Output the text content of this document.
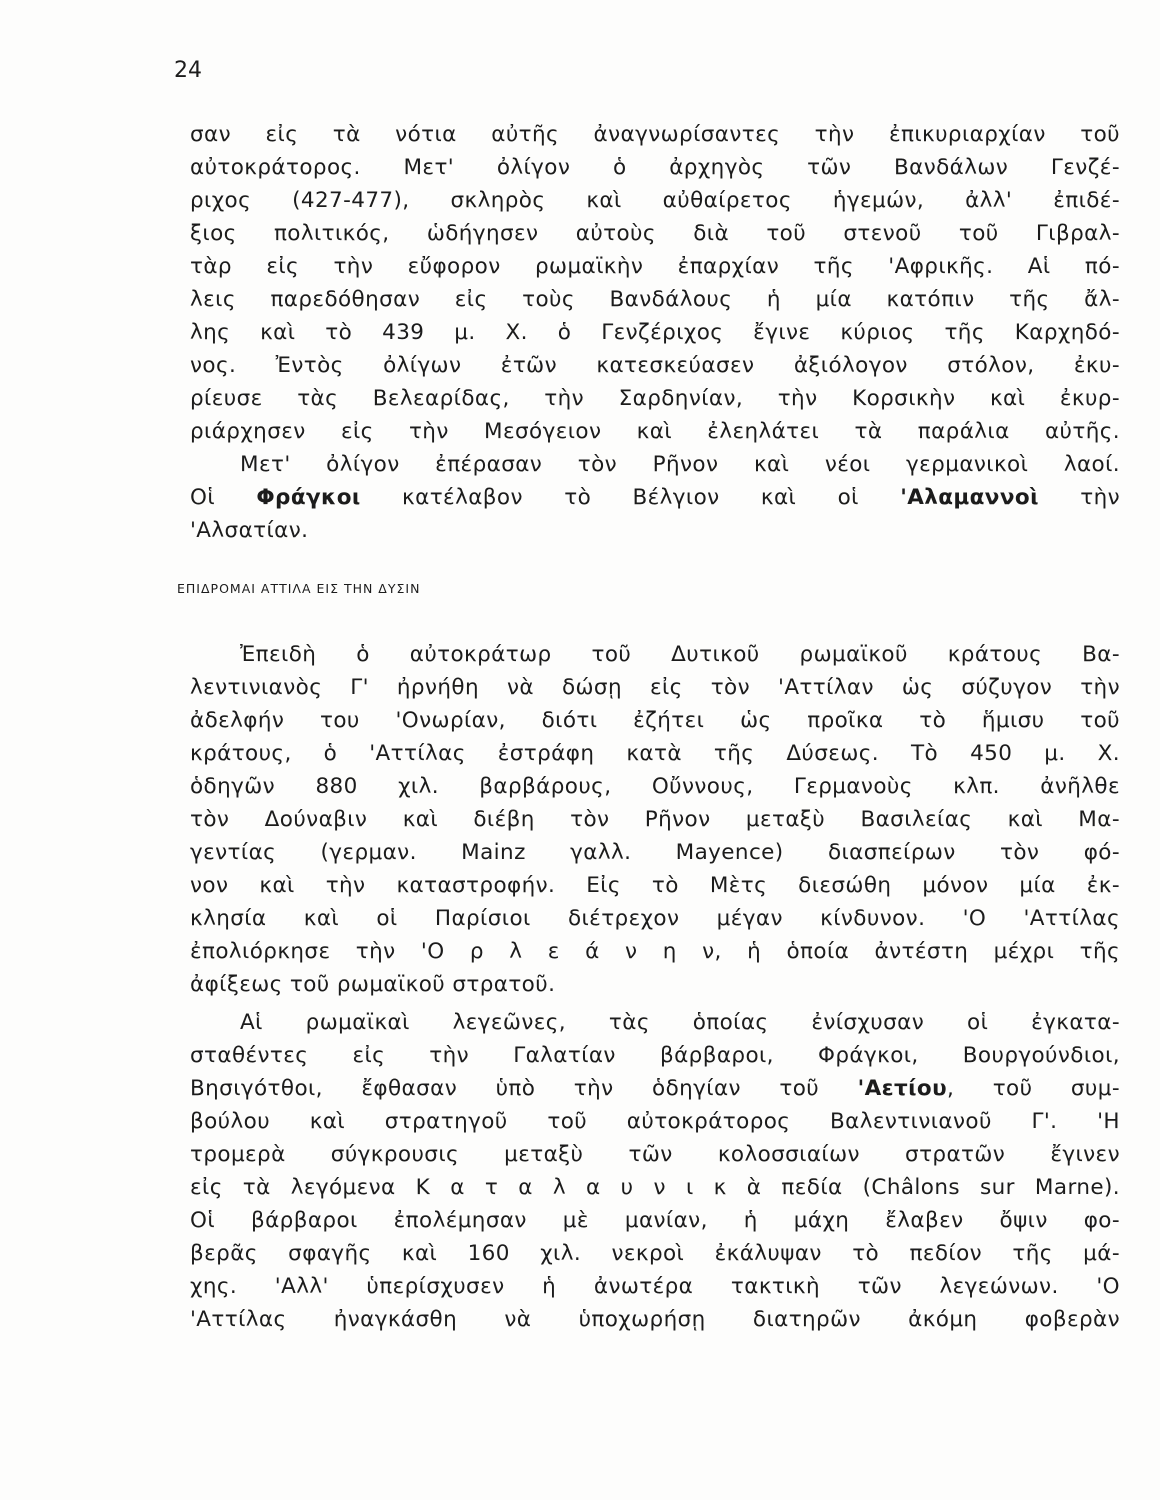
24
σαν εἰς τὰ νότια αὐτῆς ἀναγνωρίσαντες τὴν ἐπικυριαρχίαν τοῦ
αὐτοκράτορος. Μετ' ὀλίγον ὁ ἀρχηγὸς τῶν Βανδάλων Γενζέ-
ριχος (427-477), σκληρὸς καὶ αὐθαίρετος ἡγεμών, ἀλλ' ἐπιδέ-
ξιος πολιτικός, ὡδήγησεν αὐτοὺς διὰ τοῦ στενοῦ τοῦ Γιβραλ-
τὰρ εἰς τὴν εὔφορον ρωμαϊκὴν ἐπαρχίαν τῆς 'Αφρικῆς. Αἱ πό-
λεις παρεδόθησαν εἰς τοὺς Βανδάλους ἡ μία κατόπιν τῆς ἄλ-
λης καὶ τὸ 439 μ. Χ. ὁ Γενζέριχος ἔγινε κύριος τῆς Καρχηδό-
νος. Ἐντὸς ὀλίγων ἐτῶν κατεσκεύασεν ἀξιόλογον στόλον, ἐκυ-
ρίευσε τὰς Βελεαρίδας, τὴν Σαρδηνίαν, τὴν Κορσικὴν καὶ ἐκυρ-
ριάρχησεν εἰς τὴν Μεσόγειον καὶ ἐλεηλάτει τὰ παράλια αὐτῆς.
Μετ' ὀλίγον ἐπέρασαν τὸν Ρῆνον καὶ νέοι γερμανικοὶ λαοί.
Οἱ Φράγκοι κατέλαβον τὸ Βέλγιον καὶ οἱ 'Αλαμαννοὶ τὴν
'Αλσατίαν.
ΕΠΙΔΡΟΜΑΙ ΑΤΤΙΛΑ ΕΙΣ ΤΗΝ ΔΥΣΙΝ
Ἐπειδὴ ὁ αὐτοκράτωρ τοῦ Δυτικοῦ ρωμαϊκοῦ κράτους Βα-
λεντινιανὸς Γ' ἠρνήθη νὰ δώσῃ εἰς τὸν 'Αττίλαν ὡς σύζυγον τὴν
ἀδελφήν του 'Ονωρίαν, διότι ἐζήτει ὡς προῖκα τὸ ἥμισυ τοῦ
κράτους, ὁ 'Αττίλας ἐστράφη κατὰ τῆς Δύσεως. Τὸ 450 μ. Χ.
ὁδηγῶν 880 χιλ. βαρβάρους, Οὔννους, Γερμανοὺς κλπ. ἀνῆλθε
τὸν Δούναβιν καὶ διέβη τὸν Ρῆνον μεταξὺ Βασιλείας καὶ Μα-
γεντίας (γερμαν. Mainz γαλλ. Mayence) διασπείρων τὸν φό-
νον καὶ τὴν καταστροφήν. Εἰς τὸ Μὲτς διεσώθη μόνον μία ἐκ-
κλησία καὶ οἱ Παρίσιοι διέτρεχον μέγαν κίνδυνον. 'Ο 'Αττίλας
ἐπολιόρκησε τὴν 'Ο ρ λ ε ά ν η ν, ἡ ὁποία ἀντέστη μέχρι τῆς
ἀφίξεως τοῦ ρωμαϊκοῦ στρατοῦ.
Αἱ ρωμαϊκαὶ λεγεῶνες, τὰς ὁποίας ἐνίσχυσαν οἱ ἐγκατα-
σταθέντες εἰς τὴν Γαλατίαν βάρβαροι, Φράγκοι, Βουργούνδιοι,
Βησιγότθοι, ἔφθασαν ὑπὸ τὴν ὁδηγίαν τοῦ 'Αετίου, τοῦ συμ-
βούλου καὶ στρατηγοῦ τοῦ αὐτοκράτορος Βαλεντινιανοῦ Γ'. 'Η
τρομερὰ σύγκρουσις μεταξὺ τῶν κολοσσιαίων στρατῶν ἔγινεν
εἰς τὰ λεγόμενα Κ α τ α λ α υ ν ι κ ὰ πεδία (Châlons sur Marne).
Οἱ βάρβαροι ἐπολέμησαν μὲ μανίαν, ἡ μάχη ἔλαβεν ὄψιν φο-
βερᾶς σφαγῆς καὶ 160 χιλ. νεκροὶ ἐκάλυψαν τὸ πεδίον τῆς μά-
χης. 'Αλλ' ὑπερίσχυσεν ἡ ἀνωτέρα τακτικὴ τῶν λεγεώνων. 'Ο
'Αττίλας ἠναγκάσθη νὰ ὑποχωρήσῃ διατηρῶν ἀκόμη φοβερὰν
